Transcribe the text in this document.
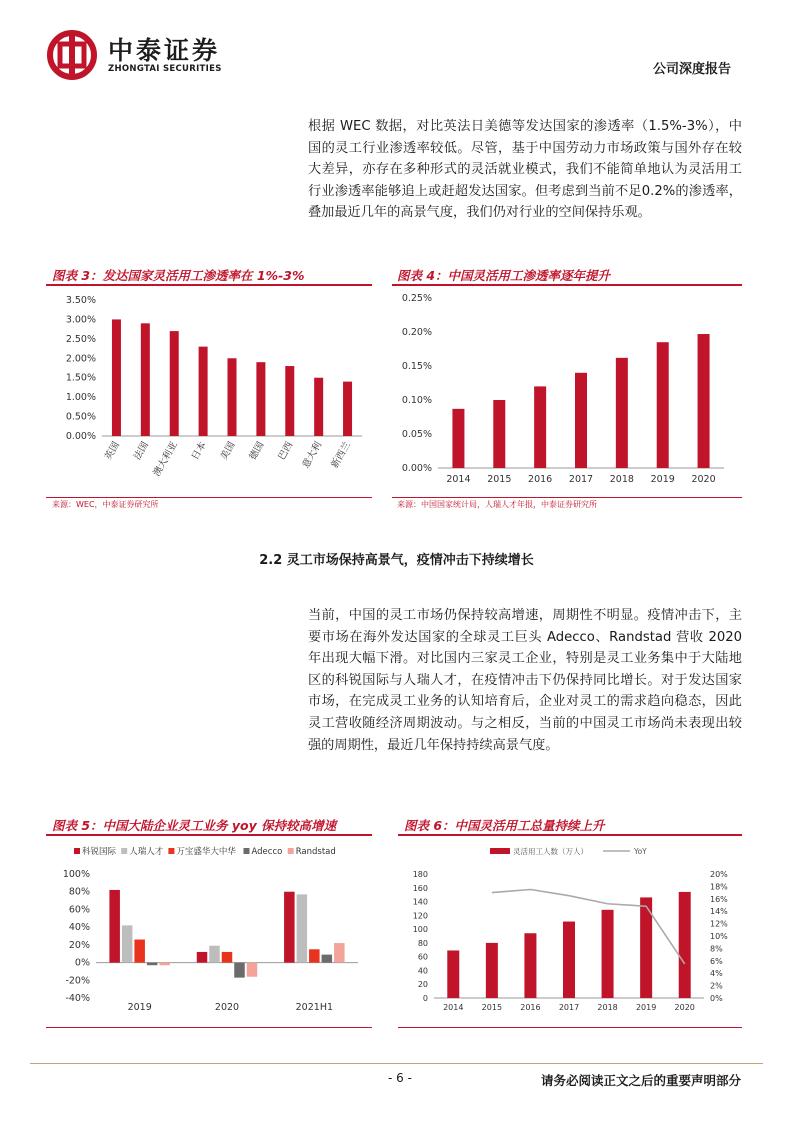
中泰证券
ZHONGTAI SECURITIES	公司深度报告

根据 WEC 数据，对比英法日美德等发达国家的渗透率（1.5%-3%），中国的灵工行业渗透率较低。尽管，基于中国劳动力市场政策与国外存在较大差异，亦存在多种形式的灵活就业模式，我们不能简单地认为灵活用工行业渗透率能够追上或赶超发达国家。但考虑到当前不足0.2%的渗透率，叠加最近几年的高景气度，我们仍对行业的空间保持乐观。

图表 3：发达国家灵活用工渗透率在 1%-3%
0.00%
0.50%
1.00%
1.50%
2.00%
2.50%
3.00%
3.50%
英国 法国 澳大利亚 日本 美国 德国 巴西 意大利 新西兰
来源：WEC，中泰证券研究所
图表 4：中国灵活用工渗透率逐年提升
0.00%
0.05%
0.10%
0.15%
0.20%
0.25%
2014 2015 2016 2017 2018 2019 2020
来源：中国国家统计局，人瑞人才年报，中泰证券研究所
2.2 灵工市场保持高景气，疫情冲击下持续增长

当前，中国的灵工市场仍保持较高增速，周期性不明显。疫情冲击下，主要市场在海外发达国家的全球灵工巨头 Adecco、Randstad 营收 2020 年出现大幅下滑。对比国内三家灵工企业，特别是灵工业务集中于大陆地区的科锐国际与人瑞人才，在疫情冲击下仍保持同比增长。对于发达国家市场，在完成灵工业务的认知培育后，企业对灵工的需求趋向稳态，因此灵工营收随经济周期波动。与之相反，当前的中国灵工市场尚未表现出较强的周期性，最近几年保持持续高景气度。

图表 5：中国大陆企业灵工业务 yoy 保持较高增速
科锐国际 人瑞人才 万宝盛华大中华 Adecco Randstad
-40%
-20%
0%
20%
40%
60%
80%
100%
2019	2020	2021H1
图表 6：中国灵活用工总量持续上升
灵活用工人数（万人）	YoY
0
20
40
60
80
100
120
140
160
180
0%
2%
4%
6%
8%
10%
12%
14%
16%
18%
20%
2014 2015 2016 2017 2018 2019 2020
- 6 -	请务必阅读正文之后的重要声明部分
